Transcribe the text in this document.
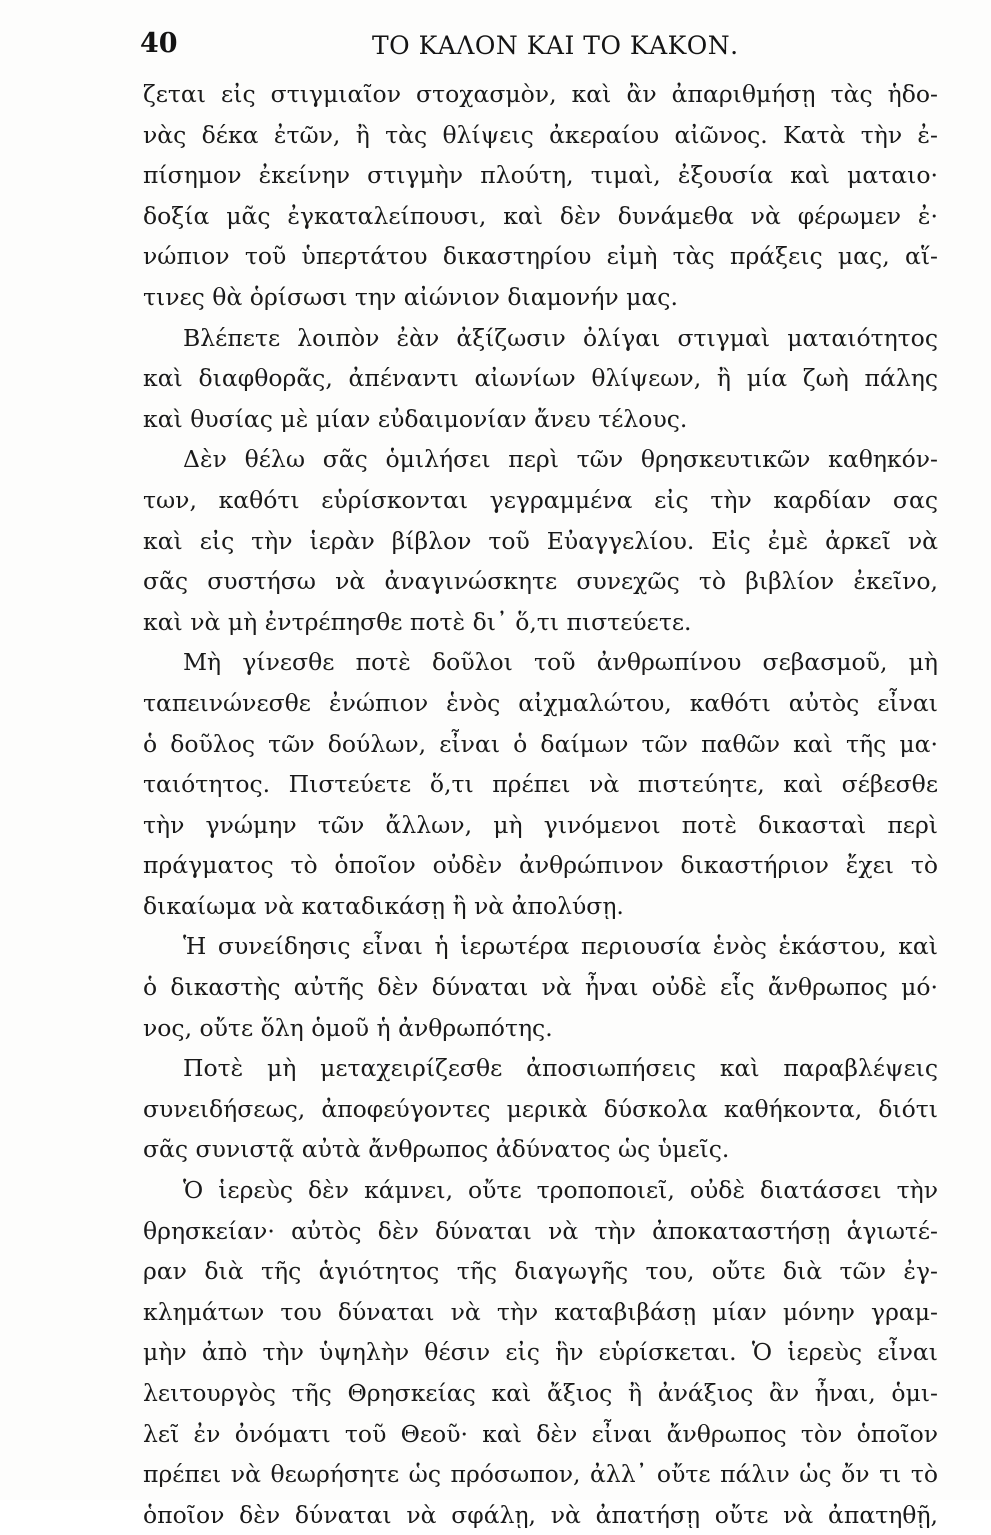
40	ΤΟ ΚΑΛΟΝ ΚΑΙ ΤΟ ΚΑΚΟΝ.
ζεται εἰς στιγμιαῖον στοχασμὸν, καὶ ἂν ἀπαριθμήσῃ τὰς ἡδο-
νὰς δέκα ἐτῶν, ἢ τὰς θλίψεις ἀκεραίου αἰῶνος. Κατὰ τὴν ἐ-
πίσημον ἐκείνην στιγμὴν πλούτη, τιμαὶ, ἐξουσία καὶ ματαιο·
δοξία μᾶς ἐγκαταλείπουσι, καὶ δὲν δυνάμεθα νὰ φέρωμεν ἐ·
νώπιον τοῦ ὑπερτάτου δικαστηρίου εἰμὴ τὰς πράξεις μας, αἵ-
τινες θὰ ὁρίσωσι την αἰώνιον διαμονήν μας.
Βλέπετε λοιπὸν ἐὰν ἀξίζωσιν ὀλίγαι στιγμαὶ ματαιότητος
καὶ διαφθορᾶς, ἀπέναντι αἰωνίων θλίψεων, ἢ μία ζωὴ πάλης
καὶ θυσίας μὲ μίαν εὐδαιμονίαν ἄνευ τέλους.
Δὲν θέλω σᾶς ὁμιλήσει περὶ τῶν θρησκευτικῶν καθηκόν-
των, καθότι εὑρίσκονται γεγραμμένα εἰς τὴν καρδίαν σας
καὶ εἰς τὴν ἱερὰν βίβλον τοῦ Εὐαγγελίου. Εἰς ἐμὲ ἀρκεῖ νὰ
σᾶς συστήσω νὰ ἀναγινώσκητε συνεχῶς τὸ βιβλίον ἐκεῖνο,
καὶ νὰ μὴ ἐντρέπησθε ποτὲ δι᾽ ὅ,τι πιστεύετε.
Μὴ γίνεσθε ποτὲ δοῦλοι τοῦ ἀνθρωπίνου σεβασμοῦ, μὴ
ταπεινώνεσθε ἐνώπιον ἑνὸς αἰχμαλώτου, καθότι αὐτὸς εἶναι
ὁ δοῦλος τῶν δούλων, εἶναι ὁ δαίμων τῶν παθῶν καὶ τῆς μα·
ταιότητος. Πιστεύετε ὅ,τι πρέπει νὰ πιστεύητε, καὶ σέβεσθε
τὴν γνώμην τῶν ἄλλων, μὴ γινόμενοι ποτὲ δικασταὶ περὶ
πράγματος τὸ ὁποῖον οὐδὲν ἀνθρώπινον δικαστήριον ἔχει τὸ
δικαίωμα νὰ καταδικάσῃ ἢ νὰ ἀπολύσῃ.
Ἡ συνείδησις εἶναι ἡ ἱερωτέρα περιουσία ἑνὸς ἑκάστου, καὶ
ὁ δικαστὴς αὐτῆς δὲν δύναται νὰ ἦναι οὐδὲ εἷς ἄνθρωπος μό·
νος, οὔτε ὅλη ὁμοῦ ἡ ἀνθρωπότης.
Ποτὲ μὴ μεταχειρίζεσθε ἀποσιωπήσεις καὶ παραβλέψεις
συνειδήσεως, ἀποφεύγοντες μερικὰ δύσκολα καθήκοντα, διότι
σᾶς συνιστᾷ αὐτὰ ἄνθρωπος ἀδύνατος ὡς ὑμεῖς.
Ὁ ἱερεὺς δὲν κάμνει, οὔτε τροποποιεῖ, οὐδὲ διατάσσει τὴν
θρησκείαν· αὐτὸς δὲν δύναται νὰ τὴν ἀποκαταστήσῃ ἁγιωτέ-
ραν διὰ τῆς ἁγιότητος τῆς διαγωγῆς του, οὔτε διὰ τῶν ἐγ-
κλημάτων του δύναται νὰ τὴν καταβιβάσῃ μίαν μόνην γραμ-
μὴν ἀπὸ τὴν ὑψηλὴν θέσιν εἰς ἣν εὑρίσκεται. Ὁ ἱερεὺς εἶναι
λειτουργὸς τῆς Θρησκείας καὶ ἄξιος ἢ ἀνάξιος ἂν ἦναι, ὁμι-
λεῖ ἐν ὀνόματι τοῦ Θεοῦ· καὶ δὲν εἶναι ἄνθρωπος τὸν ὁποῖον
πρέπει νὰ θεωρήσητε ὡς πρόσωπον, ἀλλ᾽ οὔτε πάλιν ὡς ὄν τι τὸ
ὁποῖον δὲν δύναται νὰ σφάλῃ, νὰ ἀπατήσῃ οὔτε νὰ ἀπατηθῇ,
